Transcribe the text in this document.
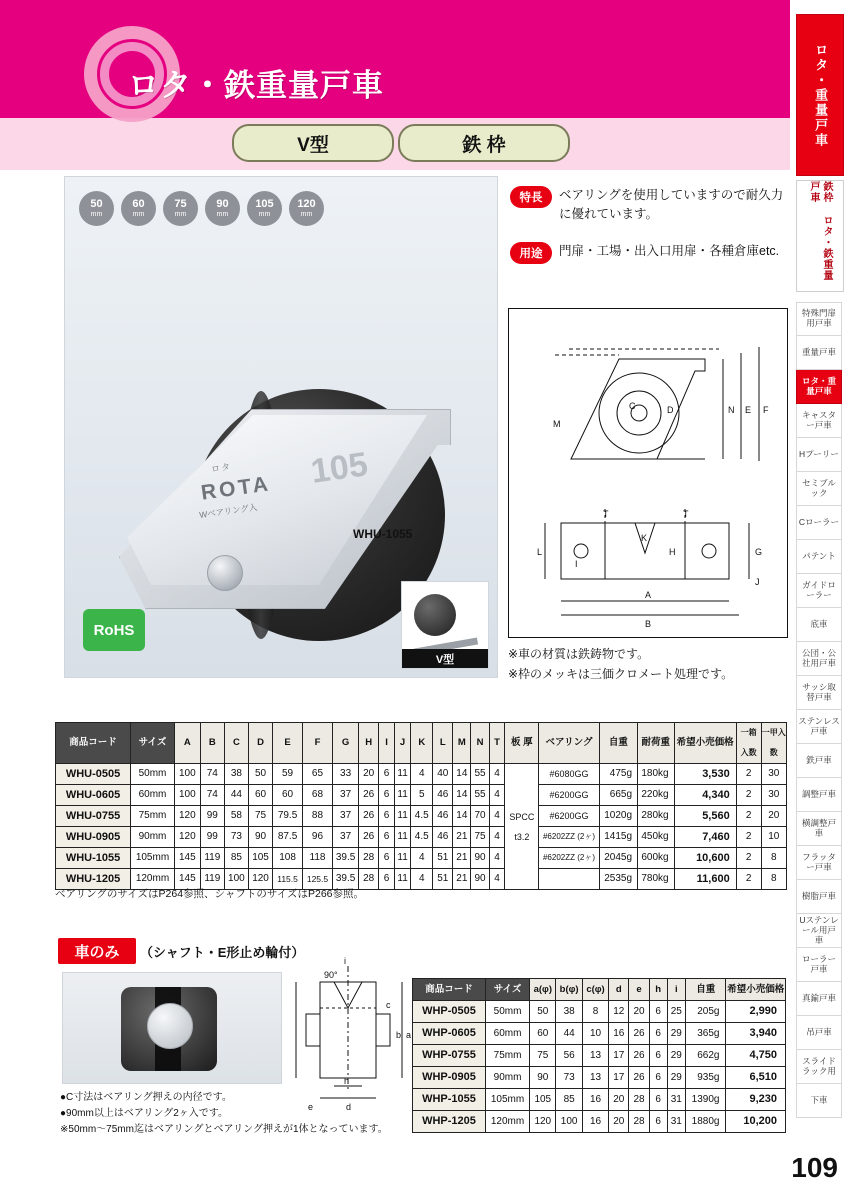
ロタ・鉄重量戸車
V型	鉄 枠
50
mm
60
mm
75
mm
90
mm
105
mm
120
mm
ロタ
ROTA
Wベアリング入
105
WHU-1055
RoHS
V型
特長	ベアリングを使用していますので耐久力に優れています。
用途	門扉・工場・出入口用扉・各種倉庫etc.
M
C	D	N E F
T	T
K
L	H	G
A
J
B
I
※車の材質は鉄鋳物です。
※枠のメッキは三価クロメート処理です。
商品コード	サイズ	A	B	C	D	E	F	G	H	I	J	K	L	M	N	T	板 厚	ベアリング	自重	耐荷重	希望小売価格	一箱入数	一甲入数
WHU-0505	50mm	100	74	38	50	59	65	33	20	6	11	4	40	14	55	4	SPCC t3.2	#6080GG	475g	180kg	3,530	2	30
WHU-0605	60mm	100	74	44	60	60	68	37	26	6	11	5	46	14	55	4		#6200GG	665g	220kg	4,340	2	30
WHU-0755	75mm	120	99	58	75	79.5	88	37	26	6	11	4.5	46	14	70	4		#6200GG	1020g	280kg	5,560	2	20
WHU-0905	90mm	120	99	73	90	87.5	96	37	26	6	11	4.5	46	21	75	4		#6202ZZ (2ヶ)	1415g	450kg	7,460	2	10
WHU-1055	105mm	145	119	85	105	108	118	39.5	28	6	11	4	51	21	90	4		#6202ZZ (2ヶ)	2045g	600kg	10,600	2	8
WHU-1205	120mm	145	119	100	120	115.5	125.5	39.5	28	6	11	4	51	21	90	4			2535g	780kg	11,600	2	8
ベアリングのサイズはP264参照、シャフトのサイズはP266参照。
車のみ	（シャフト・E形止め輪付）
i
90°
c
b a
h
d
e
●C寸法はベアリング押えの内径です。
●90mm以上はベアリング2ヶ入です。
※50mm～75mm迄はベアリングとベアリング押えが1体となっています。
商品コード	サイズ	a(φ)	b(φ)	c(φ)	d	e	h	i	自重	希望小売価格
WHP-0505	50mm	50	38	8	12	20	6	25	205g	2,990
WHP-0605	60mm	60	44	10	16	26	6	29	365g	3,940
WHP-0755	75mm	75	56	13	17	26	6	29	662g	4,750
WHP-0905	90mm	90	73	13	17	26	6	29	935g	6,510
WHP-1055	105mm	105	85	16	20	28	6	31	1390g	9,230
WHP-1205	120mm	120	100	16	20	28	6	31	1880g	10,200
ロタ・重量戸車
鉄枠 ロタ・鉄重量戸車
特殊門扉用戸車
重量戸車
ロタ・重量戸車
キャスター戸車
Hプーリー
セミブルック
Cローラー
パテント
ガイドローラー
底車
公団・公社用戸車
サッシ取替戸車
ステンレス戸車
鉄戸車
調整戸車
横調整戸車
フラッター戸車
樹脂戸車
Uステンレール用戸車
ローラー戸車
真鍮戸車
吊戸車
スライドラック用
下車
109
